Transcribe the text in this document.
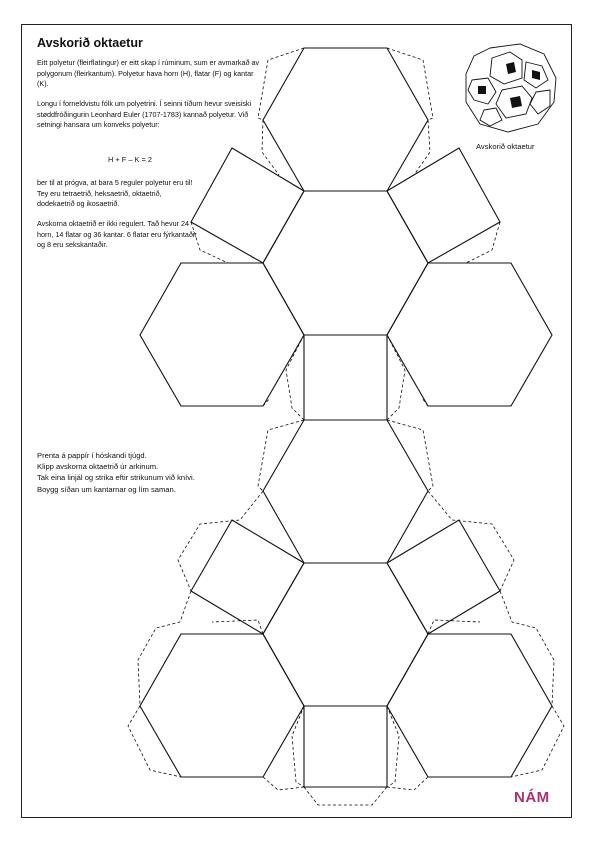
Avskorið oktaetur
Eitt polyetur (fleirflatingur) er eitt skap í rúminum, sum er avmarkað av polygonum (fleirkantum). Polyetur hava horn (H), flatar (F) og kantar (K).
Longu í forneldvistu fólk um polyetrini. Í seinni tíðum hevur sveisiski støddfróðingurin Leonhard Euler (1707-1783) kannað polyetur. Við setningi hansara um konveks polyetur:
H + F – K = 2
ber til at prógva, at bara 5 reguler polyetur eru til! Tey eru tetraetrið, heksaetrið, oktaetrið, dodekaetrið og ikosaetrið.
Avskorna oktaetrið er ikki regulert. Tað hevur 24 horn, 14 flatar og 36 kantar. 6 flatar eru fýrkantaðir og 8 eru sekskantaðir.
Prenta á pappír í hóskandi tjúgd.
Klipp avskorna oktaetrið úr arkinum.
Tak eina linjál og strika eftir strikunum við knívi.
Boygg síðan um kantarnar og lím saman.
Avskorið oktaetur
NÁM
